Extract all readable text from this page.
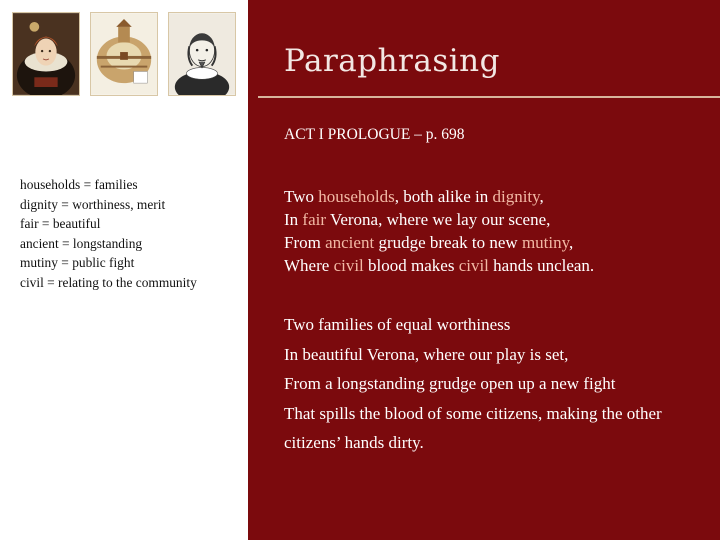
Paraphrasing
ACT I PROLOGUE – p. 698
households = families
dignity = worthiness, merit
fair = beautiful
ancient = longstanding
mutiny = public fight
civil = relating to the community
Two households, both alike in dignity,
In fair Verona, where we lay our scene,
From ancient grudge break to new mutiny,
Where civil blood makes civil hands unclean.
Two families of equal worthiness
In beautiful Verona, where our play is set,
From a longstanding grudge open up a new fight
That spills the blood of some citizens, making the other citizens’ hands dirty.
